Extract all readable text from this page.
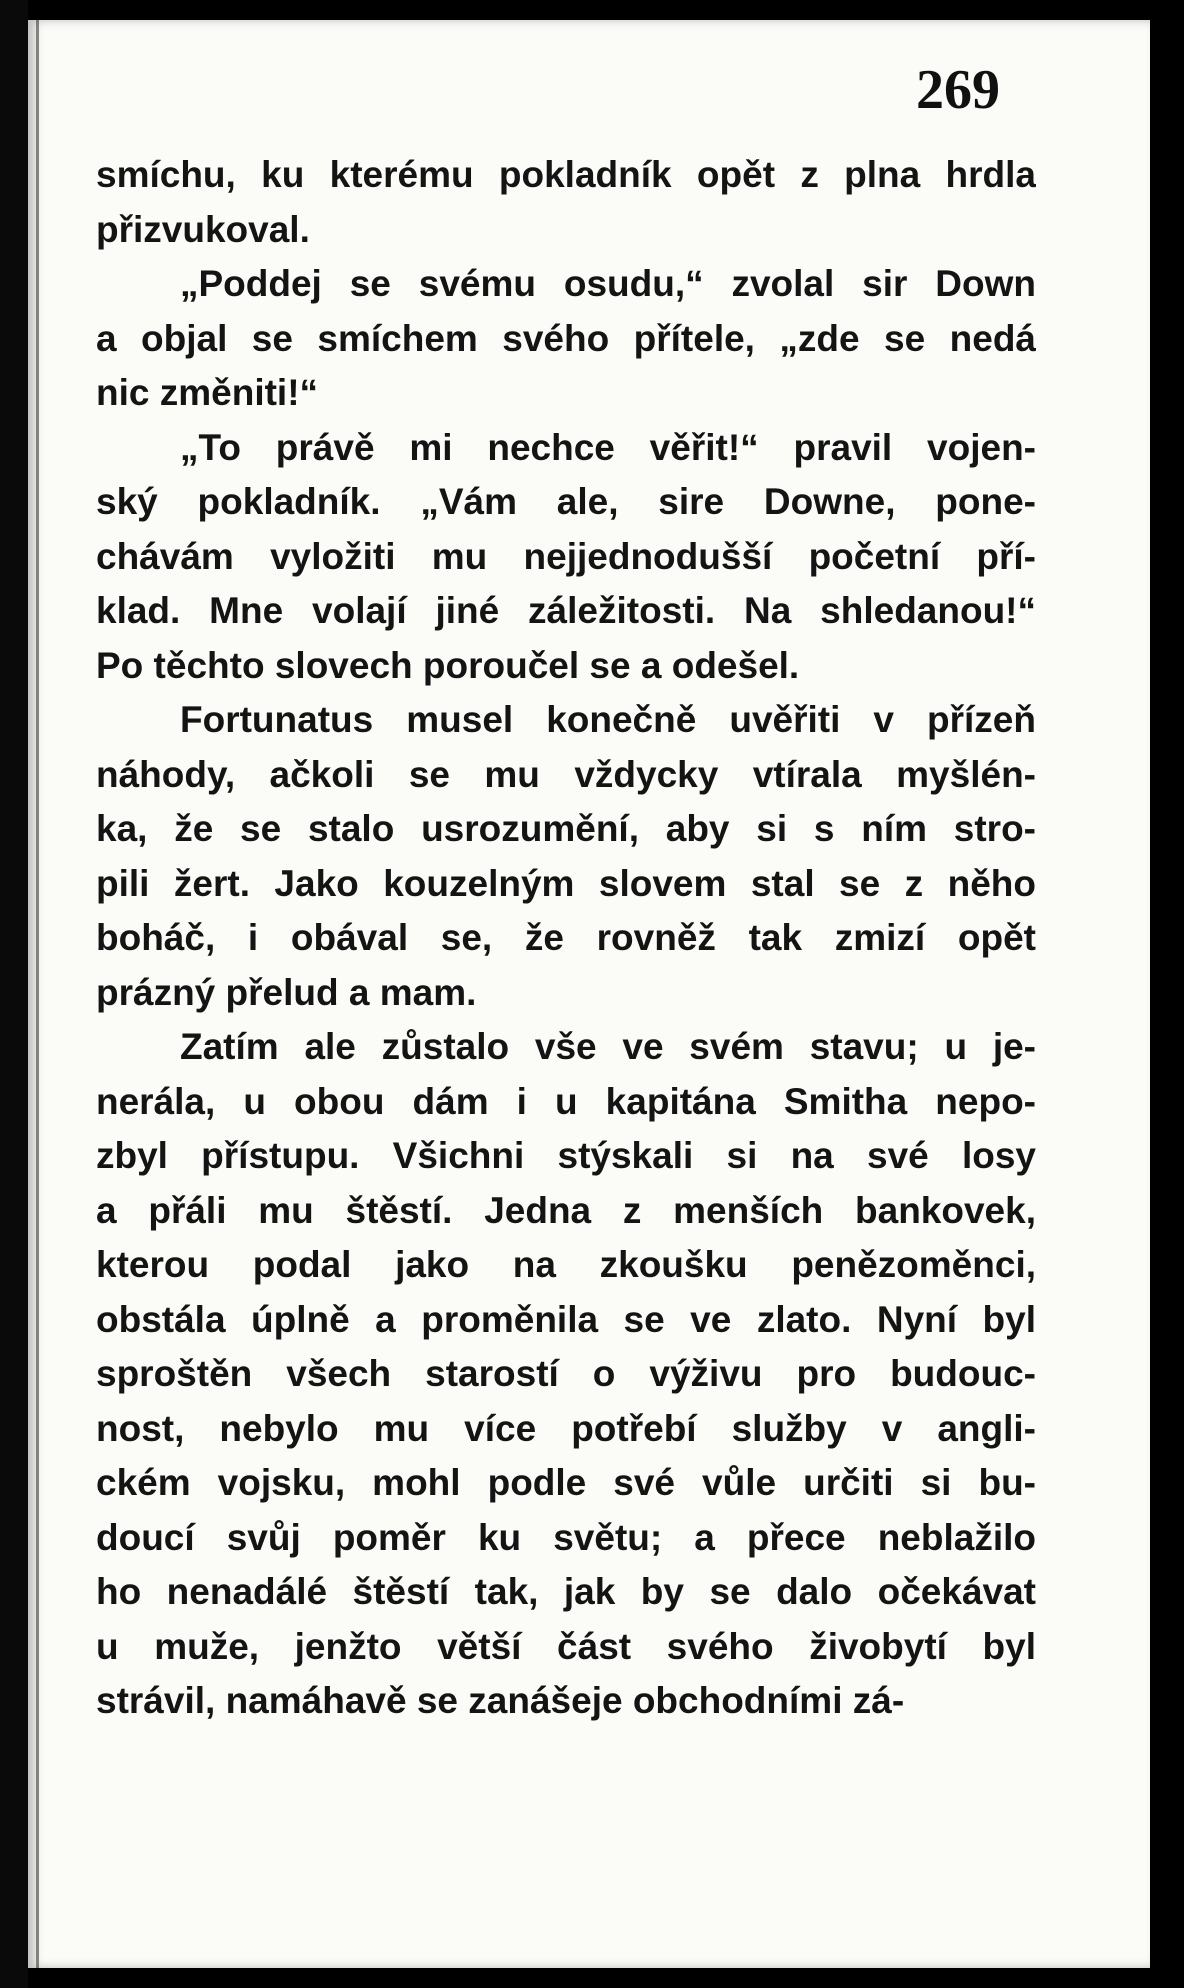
269

smíchu, ku kterému pokladník opět z plna hrdla
přizvukoval.

„Poddej se svému osudu,“ zvolal sir Down
a objal se smíchem svého přítele, „zde se nedá
nic změniti!“

„To právě mi nechce věřit!“ pravil vojen-
ský pokladník. „Vám ale, sire Downe, pone-
chávám vyložiti mu nejjednodušší početní pří-
klad. Mne volají jiné záležitosti. Na shledanou!“
Po těchto slovech poroučel se a odešel.

Fortunatus musel konečně uvěřiti v přízeň
náhody, ačkoli se mu vždycky vtírala myšlén-
ka, že se stalo usrozumění, aby si s ním stro-
pili žert. Jako kouzelným slovem stal se z něho
boháč, i obával se, že rovněž tak zmizí opět
prázný přelud a mam.

Zatím ale zůstalo vše ve svém stavu; u je-
nerála, u obou dám i u kapitána Smitha nepo-
zbyl přístupu. Všichni stýskali si na své losy
a přáli mu štěstí. Jedna z menších bankovek,
kterou podal jako na zkoušku penězoměnci,
obstála úplně a proměnila se ve zlato. Nyní byl
sproštěn všech starostí o výživu pro budouc-
nost, nebylo mu více potřebí služby v angli-
ckém vojsku, mohl podle své vůle určiti si bu-
doucí svůj poměr ku světu; a přece neblažilo
ho nenadálé štěstí tak, jak by se dalo očekávat
u muže, jenžto větší část svého živobytí byl
strávil, namáhavě se zanášeje obchodními zá-
